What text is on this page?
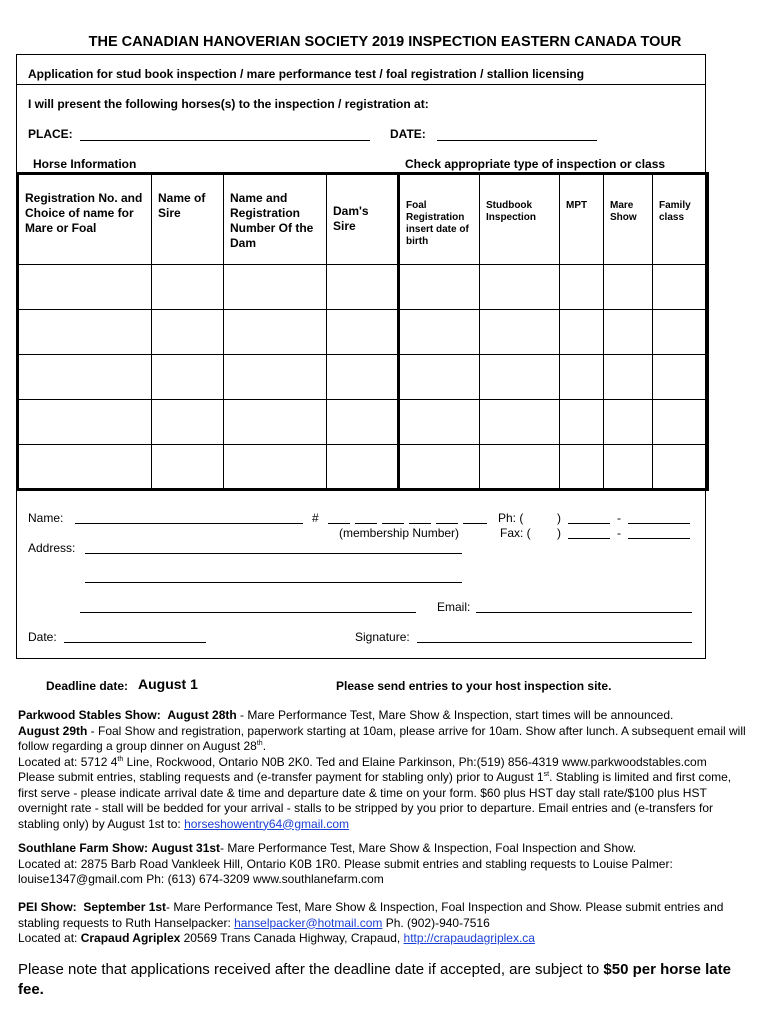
THE CANADIAN HANOVERIAN SOCIETY 2019 INSPECTION EASTERN CANADA TOUR
Application for stud book inspection / mare performance test / foal registration / stallion licensing
I will present the following horses(s) to the inspection / registration at:
PLACE:	DATE:
Horse Information	Check appropriate type of inspection or class
Registration No. and Choice of name for Mare or Foal	Name of Sire	Name and Registration Number Of the Dam	Dam's Sire	Foal Registration insert date of birth	Studbook Inspection	MPT	Mare Show	Family class

Name:	#
(membership Number)
Ph: (	)	-
Fax: ( )	-
Address:
Email:
Date:	Signature:
Deadline date: August 1	Please send entries to your host inspection site.
Parkwood Stables Show: August 28th - Mare Performance Test, Mare Show & Inspection, start times will be announced.
August 29th - Foal Show and registration, paperwork starting at 10am, please arrive for 10am. Show after lunch. A subsequent email will follow regarding a group dinner on August 28th.
Located at: 5712 4th Line, Rockwood, Ontario N0B 2K0. Ted and Elaine Parkinson, Ph:(519) 856-4319 www.parkwoodstables.com
Please submit entries, stabling requests and (e-transfer payment for stabling only) prior to August 1st. Stabling is limited and first come, first serve - please indicate arrival date & time and departure date & time on your form. $60 plus HST day stall rate/$100 plus HST overnight rate - stall will be bedded for your arrival - stalls to be stripped by you prior to departure. Email entries and (e-transfers for stabling only) by August 1st to: horseshowentry64@gmail.com
Southlane Farm Show: August 31st- Mare Performance Test, Mare Show & Inspection, Foal Inspection and Show.
Located at: 2875 Barb Road Vankleek Hill, Ontario K0B 1R0. Please submit entries and stabling requests to Louise Palmer: louise1347@gmail.com Ph: (613) 674-3209 www.southlanefarm.com
PEI Show: September 1st- Mare Performance Test, Mare Show & Inspection, Foal Inspection and Show. Please submit entries and stabling requests to Ruth Hanselpacker: hanselpacker@hotmail.com Ph. (902)-940-7516
Located at: Crapaud Agriplex 20569 Trans Canada Highway, Crapaud, http://crapaudagriplex.ca
Please note that applications received after the deadline date if accepted, are subject to $50 per horse late fee.
